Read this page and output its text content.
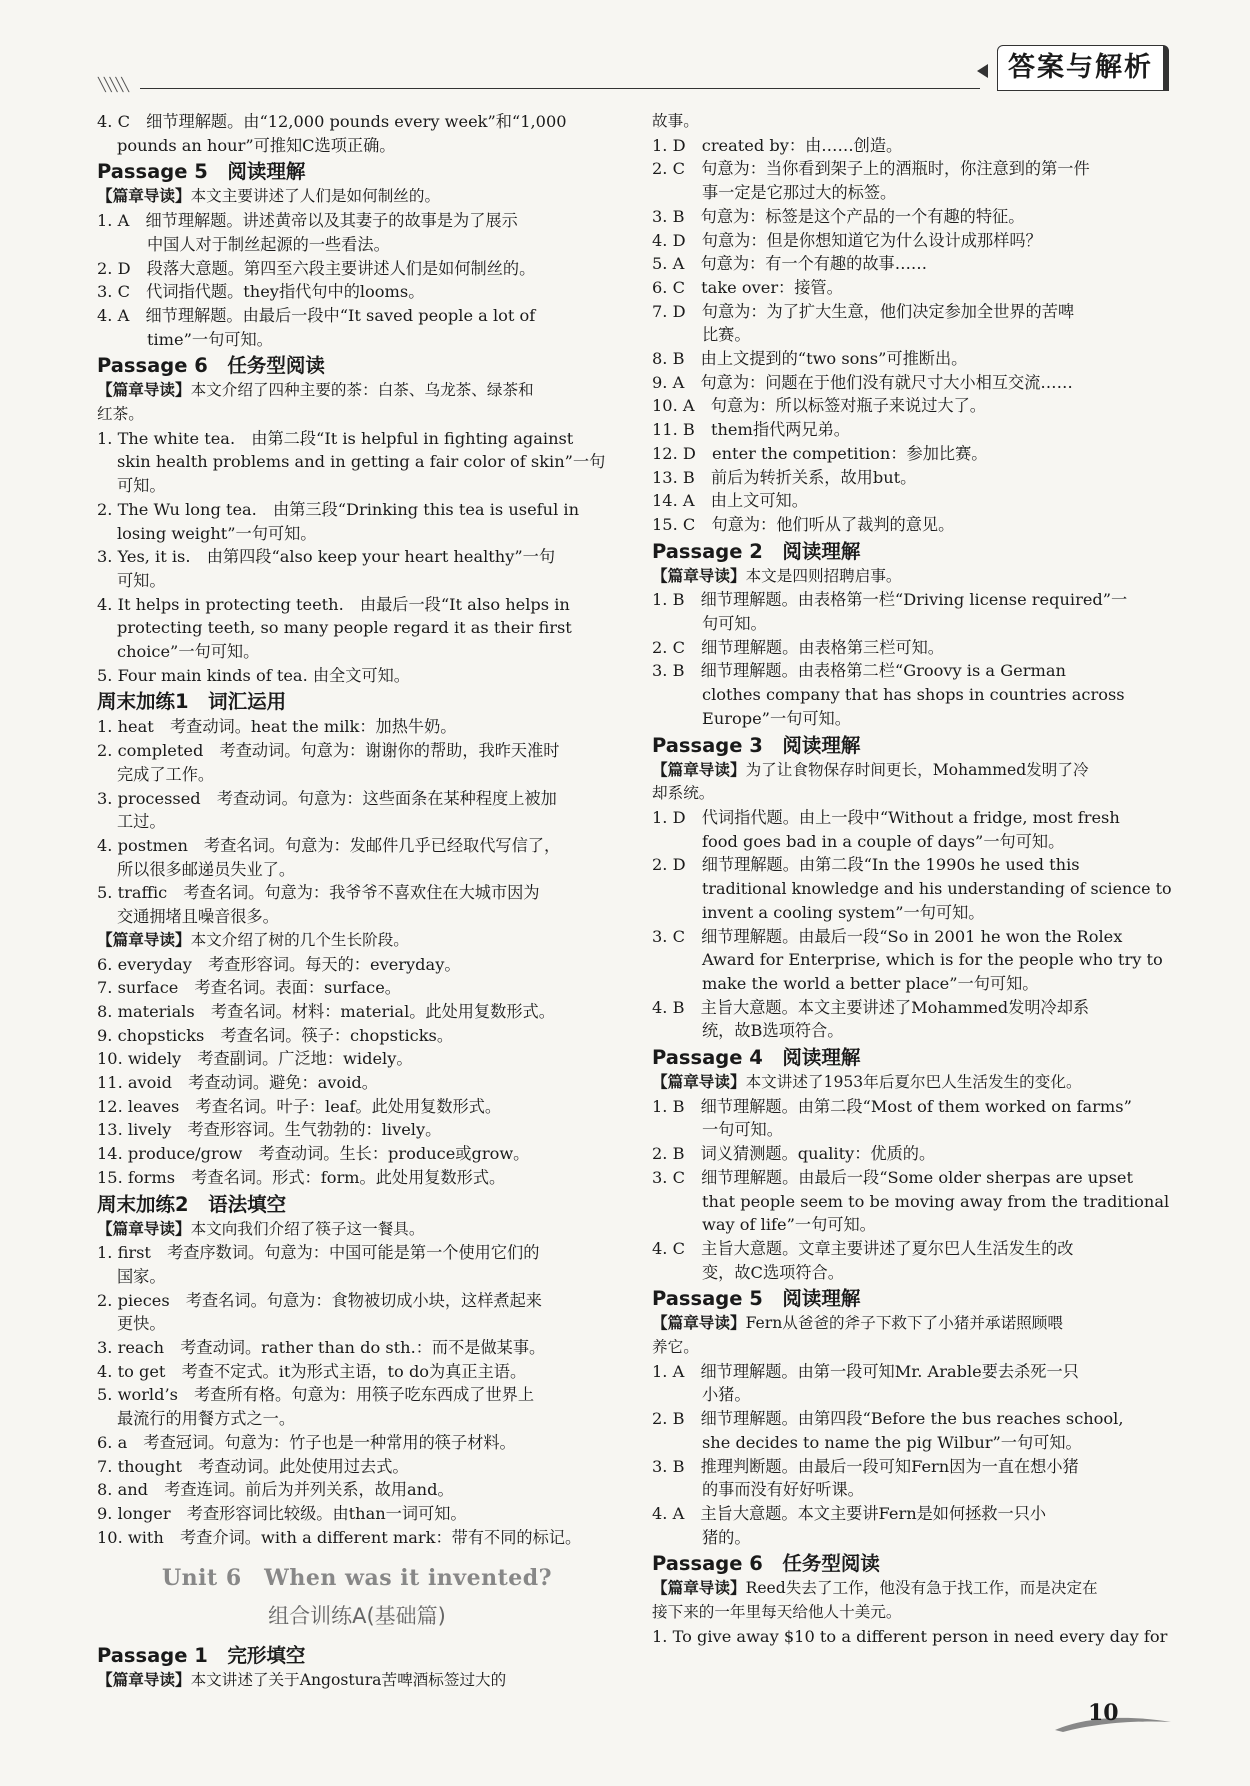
╲╲╲╲╲
答案与解析
4. C　细节理解题。由“12,000 pounds every week”和“1,000
pounds an hour”可推知C选项正确。
Passage 5　阅读理解
【篇章导读】本文主要讲述了人们是如何制丝的。
1. A　细节理解题。讲述黄帝以及其妻子的故事是为了展示
中国人对于制丝起源的一些看法。
2. D　段落大意题。第四至六段主要讲述人们是如何制丝的。
3. C　代词指代题。they指代句中的looms。
4. A　细节理解题。由最后一段中“It saved people a lot of
time”一句可知。
Passage 6　任务型阅读
【篇章导读】本文介绍了四种主要的茶：白茶、乌龙茶、绿茶和
红茶。
1. The white tea.　由第二段“It is helpful in fighting against
skin health problems and in getting a fair color of skin”一句
可知。
2. The Wu long tea.　由第三段“Drinking this tea is useful in
losing weight”一句可知。
3. Yes, it is.　由第四段“also keep your heart healthy”一句
可知。
4. It helps in protecting teeth.　由最后一段“It also helps in
protecting teeth, so many people regard it as their first
choice”一句可知。
5. Four main kinds of tea. 由全文可知。
周末加练1　词汇运用
1. heat　考查动词。heat the milk：加热牛奶。
2. completed　考查动词。句意为：谢谢你的帮助，我昨天准时
完成了工作。
3. processed　考查动词。句意为：这些面条在某种程度上被加
工过。
4. postmen　考查名词。句意为：发邮件几乎已经取代写信了，
所以很多邮递员失业了。
5. traffic　考查名词。句意为：我爷爷不喜欢住在大城市因为
交通拥堵且噪音很多。
【篇章导读】本文介绍了树的几个生长阶段。
6. everyday　考查形容词。每天的：everyday。
7. surface　考查名词。表面：surface。
8. materials　考查名词。材料：material。此处用复数形式。
9. chopsticks　考查名词。筷子：chopsticks。
10. widely　考查副词。广泛地：widely。
11. avoid　考查动词。避免：avoid。
12. leaves　考查名词。叶子：leaf。此处用复数形式。
13. lively　考查形容词。生气勃勃的：lively。
14. produce/grow　考查动词。生长：produce或grow。
15. forms　考查名词。形式：form。此处用复数形式。
周末加练2　语法填空
【篇章导读】本文向我们介绍了筷子这一餐具。
1. first　考查序数词。句意为：中国可能是第一个使用它们的
国家。
2. pieces　考查名词。句意为：食物被切成小块，这样煮起来
更快。
3. reach　考查动词。rather than do sth.：而不是做某事。
4. to get　考查不定式。it为形式主语，to do为真正主语。
5. world’s　考查所有格。句意为：用筷子吃东西成了世界上
最流行的用餐方式之一。
6. a　考查冠词。句意为：竹子也是一种常用的筷子材料。
7. thought　考查动词。此处使用过去式。
8. and　考查连词。前后为并列关系，故用and。
9. longer　考查形容词比较级。由than一词可知。
10. with　考查介词。with a different mark：带有不同的标记。
Unit 6　When was it invented?
组合训练A(基础篇)
Passage 1　完形填空
【篇章导读】本文讲述了关于Angostura苦啤酒标签过大的
故事。
1. D　created by：由……创造。
2. C　句意为：当你看到架子上的酒瓶时，你注意到的第一件
事一定是它那过大的标签。
3. B　句意为：标签是这个产品的一个有趣的特征。
4. D　句意为：但是你想知道它为什么设计成那样吗？
5. A　句意为：有一个有趣的故事……
6. C　take over：接管。
7. D　句意为：为了扩大生意，他们决定参加全世界的苦啤
比赛。
8. B　由上文提到的“two sons”可推断出。
9. A　句意为：问题在于他们没有就尺寸大小相互交流……
10. A　句意为：所以标签对瓶子来说过大了。
11. B　them指代两兄弟。
12. D　enter the competition：参加比赛。
13. B　前后为转折关系，故用but。
14. A　由上文可知。
15. C　句意为：他们听从了裁判的意见。
Passage 2　阅读理解
【篇章导读】本文是四则招聘启事。
1. B　细节理解题。由表格第一栏“Driving license required”一
句可知。
2. C　细节理解题。由表格第三栏可知。
3. B　细节理解题。由表格第二栏“Groovy is a German
clothes company that has shops in countries across
Europe”一句可知。
Passage 3　阅读理解
【篇章导读】为了让食物保存时间更长，Mohammed发明了冷
却系统。
1. D　代词指代题。由上一段中“Without a fridge, most fresh
food goes bad in a couple of days”一句可知。
2. D　细节理解题。由第二段“In the 1990s he used this
traditional knowledge and his understanding of science to
invent a cooling system”一句可知。
3. C　细节理解题。由最后一段“So in 2001 he won the Rolex
Award for Enterprise, which is for the people who try to
make the world a better place”一句可知。
4. B　主旨大意题。本文主要讲述了Mohammed发明冷却系
统，故B选项符合。
Passage 4　阅读理解
【篇章导读】本文讲述了1953年后夏尔巴人生活发生的变化。
1. B　细节理解题。由第二段“Most of them worked on farms”
一句可知。
2. B　词义猜测题。quality：优质的。
3. C　细节理解题。由最后一段“Some older sherpas are upset
that people seem to be moving away from the traditional
way of life”一句可知。
4. C　主旨大意题。文章主要讲述了夏尔巴人生活发生的改
变，故C选项符合。
Passage 5　阅读理解
【篇章导读】Fern从爸爸的斧子下救下了小猪并承诺照顾喂
养它。
1. A　细节理解题。由第一段可知Mr. Arable要去杀死一只
小猪。
2. B　细节理解题。由第四段“Before the bus reaches school,
she decides to name the pig Wilbur”一句可知。
3. B　推理判断题。由最后一段可知Fern因为一直在想小猪
的事而没有好好听课。
4. A　主旨大意题。本文主要讲Fern是如何拯救一只小
猪的。
Passage 6　任务型阅读
【篇章导读】Reed失去了工作，他没有急于找工作，而是决定在
接下来的一年里每天给他人十美元。
1. To give away $10 to a different person in need every day for
10
